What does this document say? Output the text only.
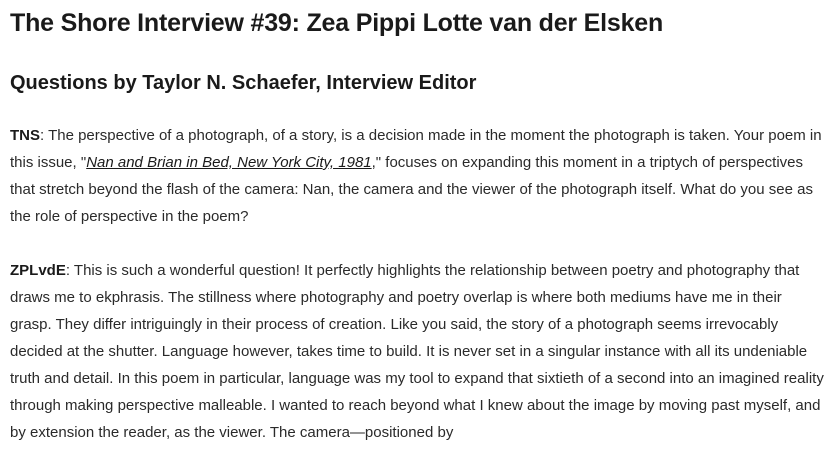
The Shore Interview #39: Zea Pippi Lotte van der Elsken
Questions by Taylor N. Schaefer, Interview Editor

TNS: The perspective of a photograph, of a story, is a decision made in the moment the photograph is taken. Your poem in this issue, "Nan and Brian in Bed, New York City, 1981," focuses on expanding this moment in a triptych of perspectives that stretch beyond the flash of the camera: Nan, the camera and the viewer of the photograph itself. What do you see as the role of perspective in the poem?

ZPLvdE: This is such a wonderful question! It perfectly highlights the relationship between poetry and photography that draws me to ekphrasis. The stillness where photography and poetry overlap is where both mediums have me in their grasp. They differ intriguingly in their process of creation. Like you said, the story of a photograph seems irrevocably decided at the shutter. Language however, takes time to build. It is never set in a singular instance with all its undeniable truth and detail. In this poem in particular, language was my tool to expand that sixtieth of a second into an imagined reality through making perspective malleable. I wanted to reach beyond what I knew about the image by moving past myself, and by extension the reader, as the viewer. The camera—positioned by
